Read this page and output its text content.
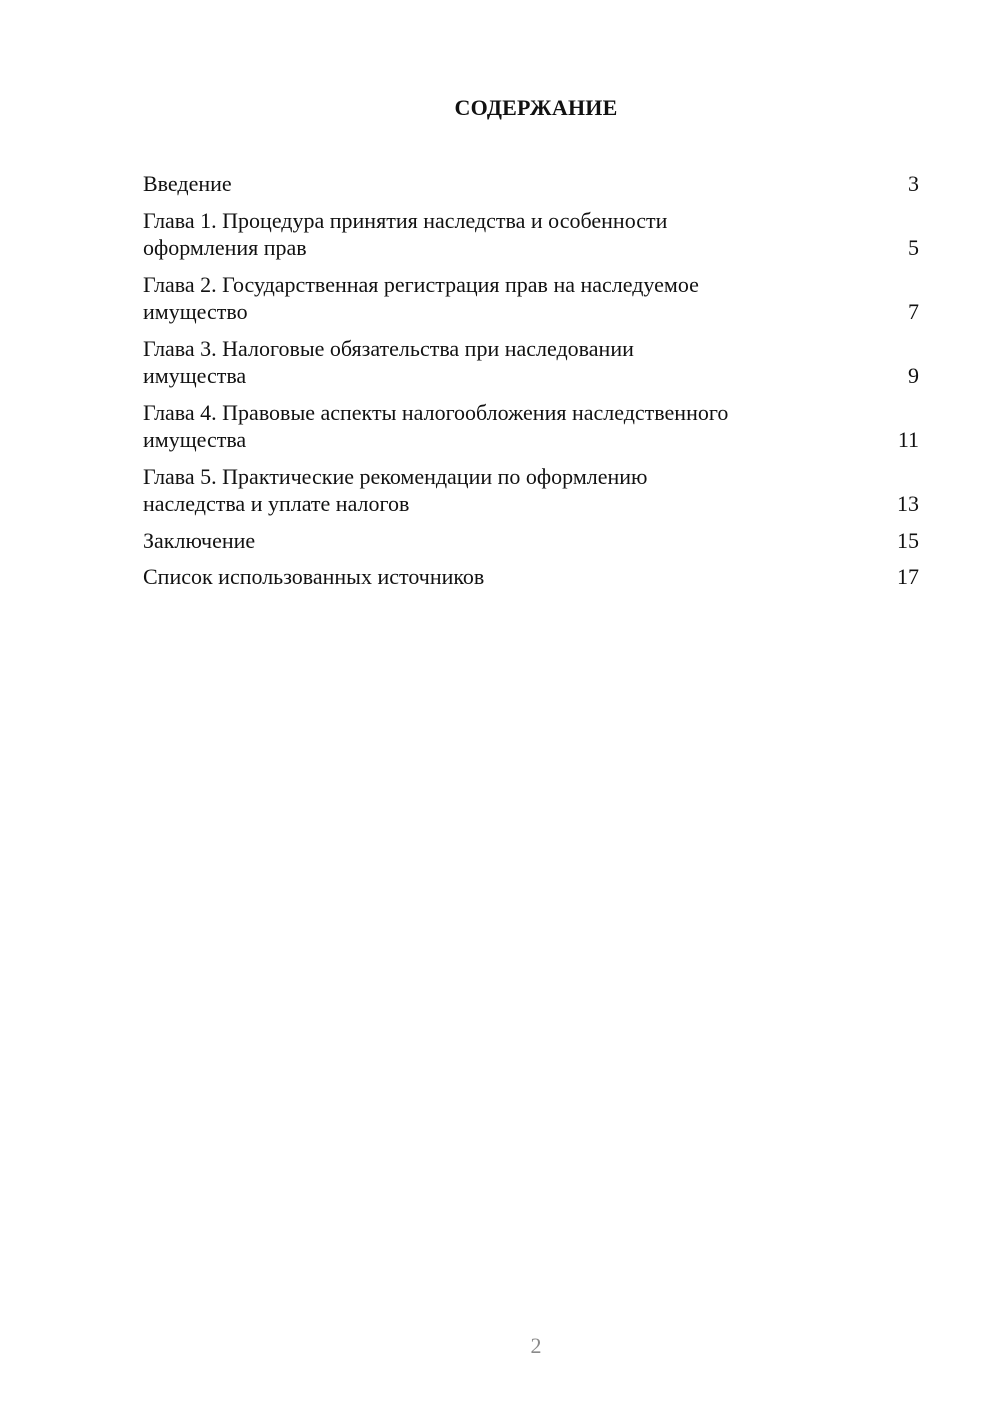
СОДЕРЖАНИЕ
Введение	3
Глава 1. Процедура принятия наследства и особенности
оформления прав	5
Глава 2. Государственная регистрация прав на наследуемое
имущество	7
Глава 3. Налоговые обязательства при наследовании
имущества	9
Глава 4. Правовые аспекты налогообложения наследственного
имущества	11
Глава 5. Практические рекомендации по оформлению
наследства и уплате налогов	13
Заключение	15
Список использованных источников	17
2
